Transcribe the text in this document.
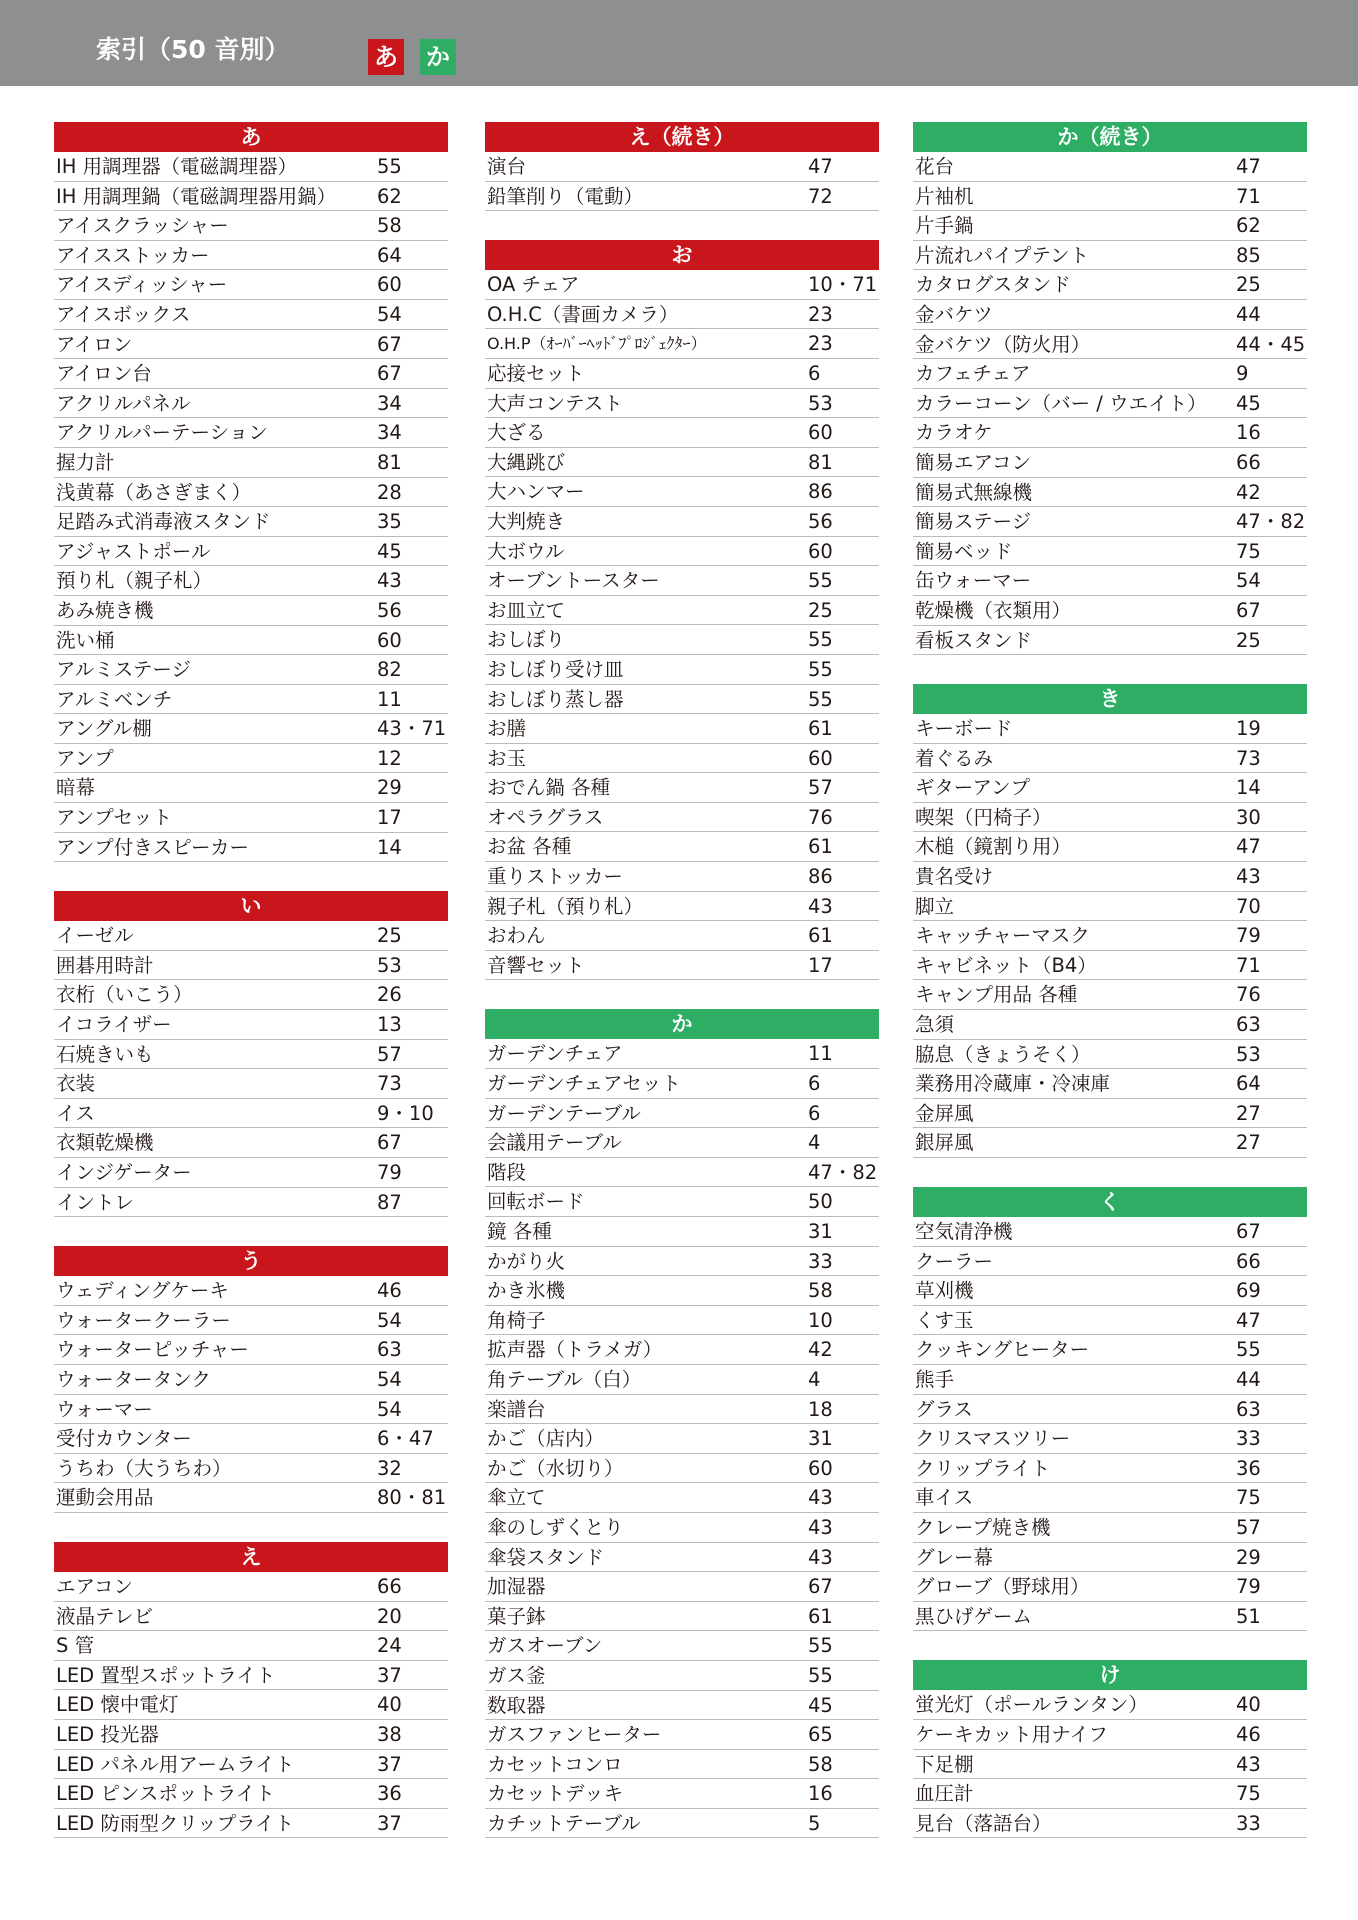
索引（50 音別）	あ か
あ
IH 用調理器（電磁調理器）	55
IH 用調理鍋（電磁調理器用鍋） 62
アイスクラッシャー	58
アイスストッカー	64
アイスディッシャー	60
アイスボックス	54
アイロン	67
アイロン台	67
アクリルパネル	34
アクリルパーテーション	34
握力計	81
浅黄幕（あさぎまく）	28
足踏み式消毒液スタンド	35
アジャストポール	45
預り札（親子札）	43
あみ焼き機	56
洗い桶	60
アルミステージ	82
アルミベンチ	11
アングル棚	43・71
アンプ	12
暗幕	29
アンプセット	17
アンプ付きスピーカー	14
い
イーゼル	25
囲碁用時計	53
衣桁（いこう）	26
イコライザー	13
石焼きいも	57
衣装	73
イス	9・10
衣類乾燥機	67
インジゲーター	79
イントレ	87
う
ウェディングケーキ	46
ウォータークーラー	54
ウォーターピッチャー	63
ウォータータンク	54
ウォーマー	54
受付カウンター	6・47
うちわ（大うちわ）	32
運動会用品	80・81
え
エアコン	66
液晶テレビ	20
S 管	24
LED 置型スポットライト	37
LED 懐中電灯	40
LED 投光器	38
LED パネル用アームライト	37
LED ピンスポットライト	36
LED 防雨型クリップライト	37
え（続き）
演台	47
鉛筆削り（電動）	72
お
OA チェア	10・71
O.H.C（書画カメラ）	23
O.H.P（ｵｰﾊﾞｰﾍｯﾄﾞﾌﾟﾛｼﾞｪｸﾀｰ）	23
応接セット	6
大声コンテスト	53
大ざる	60
大縄跳び	81
大ハンマー	86
大判焼き	56
大ボウル	60
オーブントースター	55
お皿立て	25
おしぼり	55
おしぼり受け皿	55
おしぼり蒸し器	55
お膳	61
お玉	60
おでん鍋 各種	57
オペラグラス	76
お盆 各種	61
重りストッカー	86
親子札（預り札）	43
おわん	61
音響セット	17
か
ガーデンチェア	11
ガーデンチェアセット	6
ガーデンテーブル	6
会議用テーブル	4
階段	47・82
回転ボード	50
鏡 各種	31
かがり火	33
かき氷機	58
角椅子	10
拡声器（トラメガ）	42
角テーブル（白）	4
楽譜台	18
かご（店内）	31
かご（水切り）	60
傘立て	43
傘のしずくとり	43
傘袋スタンド	43
加湿器	67
菓子鉢	61
ガスオーブン	55
ガス釜	55
数取器	45
ガスファンヒーター	65
カセットコンロ	58
カセットデッキ	16
カチットテーブル	5
か（続き）
花台	47
片袖机	71
片手鍋	62
片流れパイプテント	85
カタログスタンド	25
金バケツ	44
金バケツ（防火用）	44・45
カフェチェア	9
カラーコーン（バー / ウエイト） 45
カラオケ	16
簡易エアコン	66
簡易式無線機	42
簡易ステージ	47・82
簡易ベッド	75
缶ウォーマー	54
乾燥機（衣類用）	67
看板スタンド	25
き
キーボード	19
着ぐるみ	73
ギターアンプ	14
喫架（円椅子）	30
木槌（鏡割り用）	47
貴名受け	43
脚立	70
キャッチャーマスク	79
キャビネット（B4）	71
キャンプ用品 各種	76
急須	63
脇息（きょうそく）	53
業務用冷蔵庫・冷凍庫	64
金屏風	27
銀屏風	27
く
空気清浄機	67
クーラー	66
草刈機	69
くす玉	47
クッキングヒーター	55
熊手	44
グラス	63
クリスマスツリー	33
クリップライト	36
車イス	75
クレープ焼き機	57
グレー幕	29
グローブ（野球用）	79
黒ひげゲーム	51
け
蛍光灯（ポールランタン）	40
ケーキカット用ナイフ	46
下足棚	43
血圧計	75
見台（落語台）	33
